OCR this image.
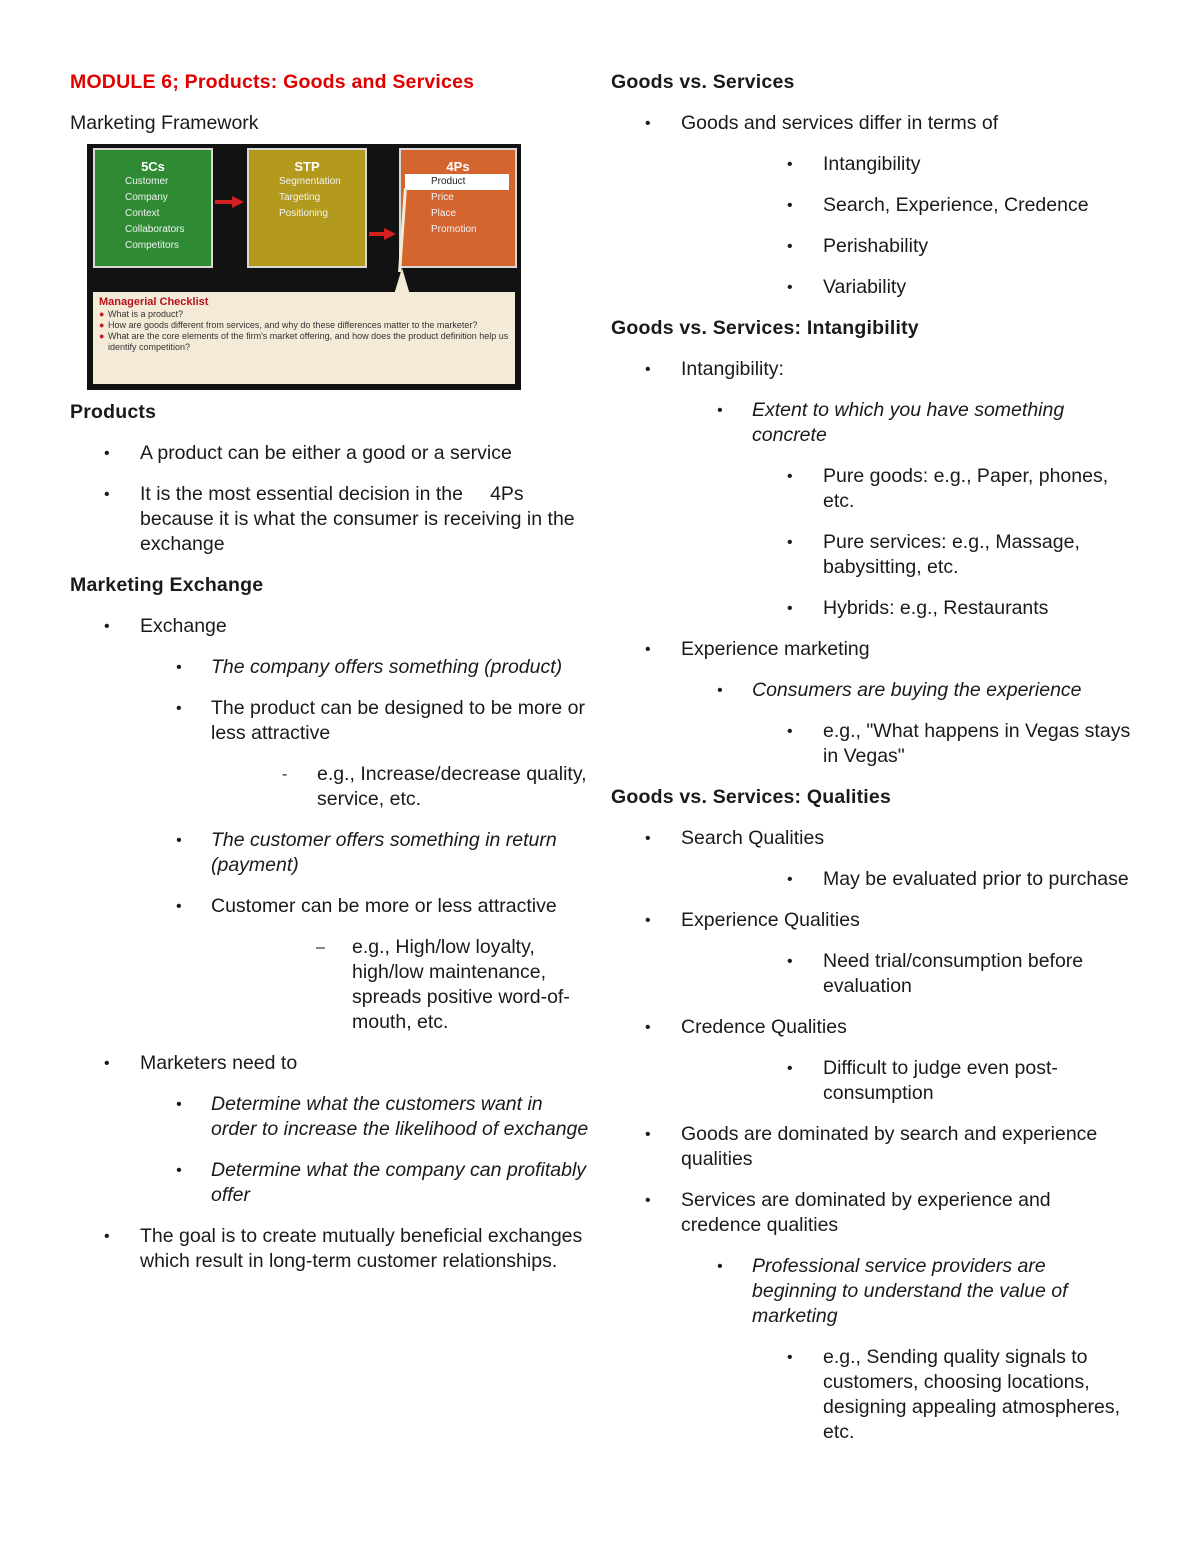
MODULE 6; Products: Goods and Services
Marketing Framework
5Cs
Customer
Company
Context
Collaborators
Competitors
STP
Segmentation
Targeting
Positioning
4Ps
Product
Price
Place
Promotion
Managerial Checklist
● What is a product?
● How are goods different from services, and why do these differences matter to the marketer?
● What are the core elements of the firm's market offering, and how does the product definition help us identify competition?
Products
• A product can be either a good or a service
• It is the most essential decision in the     4Ps because it is what the consumer is receiving in the exchange
Marketing Exchange
• Exchange
• The company offers something (product)
• The product can be designed to be more or less attractive
- e.g., Increase/decrease quality, service, etc.
• The customer offers something in return (payment)
• Customer can be more or less attractive
– e.g., High/low loyalty, high/low maintenance, spreads positive word-of-mouth, etc.
• Marketers need to
• Determine what the customers want in order to increase the likelihood of exchange
• Determine what the company can profitably offer
• The goal is to create mutually beneficial exchanges which result in long-term customer relationships.
Goods vs. Services
• Goods and services differ in terms of
• Intangibility
• Search, Experience, Credence
• Perishability
• Variability
Goods vs. Services: Intangibility
• Intangibility:
• Extent to which you have something concrete
• Pure goods: e.g., Paper, phones, etc.
• Pure services: e.g., Massage, babysitting, etc.
• Hybrids: e.g., Restaurants
• Experience marketing
• Consumers are buying the experience
• e.g., "What happens in Vegas stays in Vegas"
Goods vs. Services: Qualities
• Search Qualities
• May be evaluated prior to purchase
• Experience Qualities
• Need trial/consumption before evaluation
• Credence Qualities
• Difficult to judge even post-consumption
• Goods are dominated by search and experience qualities
• Services are dominated by experience and credence qualities
• Professional service providers are beginning to understand the value of marketing
• e.g., Sending quality signals to customers, choosing locations, designing appealing atmospheres, etc.
